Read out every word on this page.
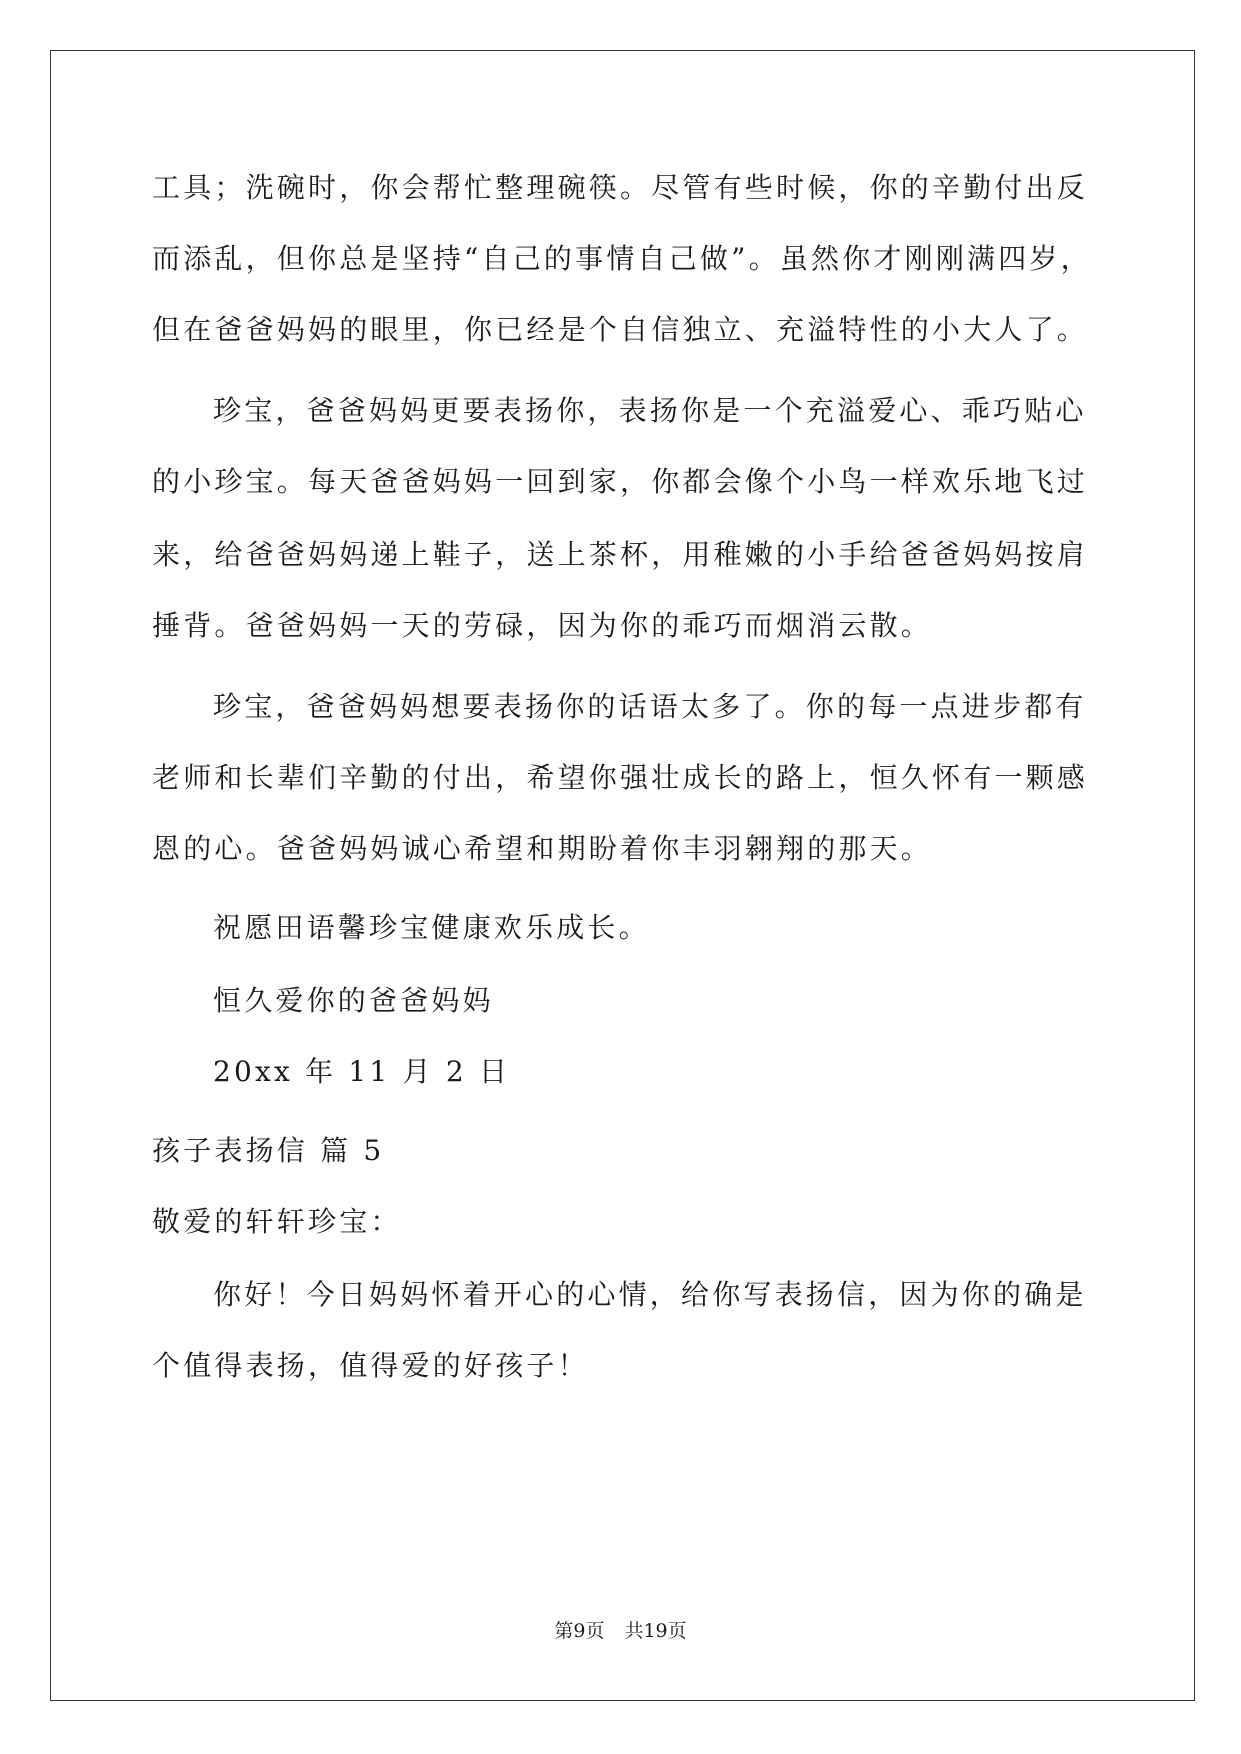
工具；洗碗时，你会帮忙整理碗筷。尽管有些时候，你的辛勤付出反

而添乱，但你总是坚持“自己的事情自己做”。虽然你才刚刚满四岁，

但在爸爸妈妈的眼里，你已经是个自信独立、充溢特性的小大人了。

珍宝，爸爸妈妈更要表扬你，表扬你是一个充溢爱心、乖巧贴心

的小珍宝。每天爸爸妈妈一回到家，你都会像个小鸟一样欢乐地飞过

来，给爸爸妈妈递上鞋子，送上茶杯，用稚嫩的小手给爸爸妈妈按肩

捶背。爸爸妈妈一天的劳碌，因为你的乖巧而烟消云散。

珍宝，爸爸妈妈想要表扬你的话语太多了。你的每一点进步都有

老师和长辈们辛勤的付出，希望你强壮成长的路上，恒久怀有一颗感

恩的心。爸爸妈妈诚心希望和期盼着你丰羽翱翔的那天。

祝愿田语馨珍宝健康欢乐成长。

恒久爱你的爸爸妈妈

20xx 年 11 月 2 日

孩子表扬信 篇 5

敬爱的轩轩珍宝：

你好！今日妈妈怀着开心的心情，给你写表扬信，因为你的确是

个值得表扬，值得爱的好孩子！

第9页 共19页
